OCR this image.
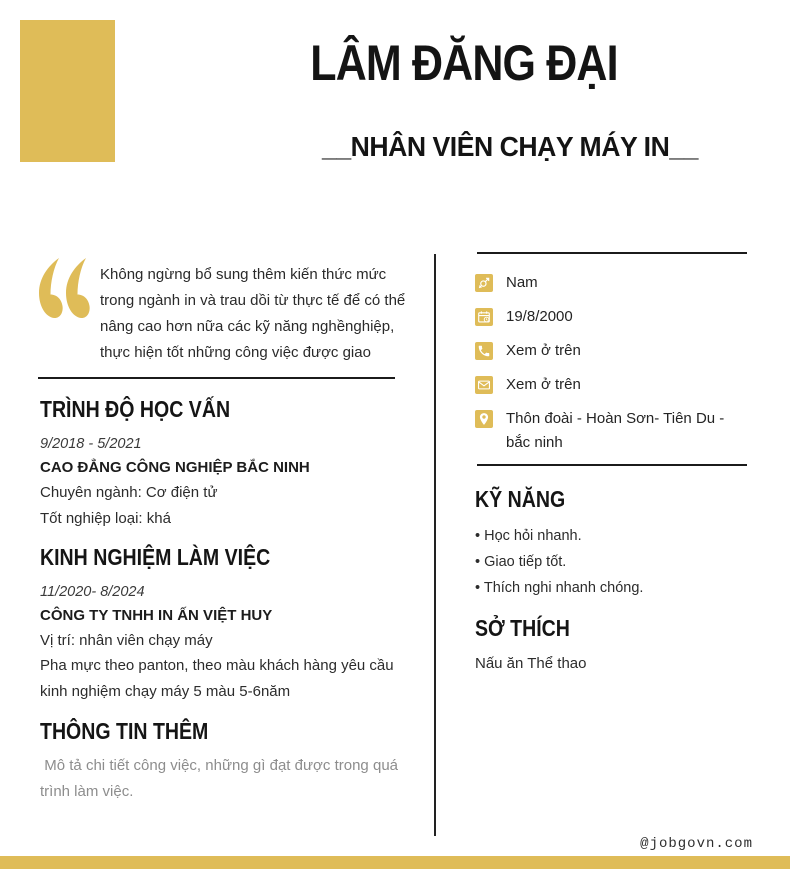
LÂM ĐĂNG ĐẠI
__NHÂN VIÊN CHẠY MÁY IN__
Không ngừng bổ sung thêm kiến thức mức trong ngành in và trau dồi từ thực tế để có thể nâng cao hơn nữa các kỹ năng nghềnghiệp, thực hiện tốt những công việc được giao
TRÌNH ĐỘ HỌC VẤN
9/2018 - 5/2021
CAO ĐẲNG CÔNG NGHIỆP BẮC NINH
Chuyên ngành: Cơ điện tử
Tốt nghiệp loại: khá
KINH NGHIỆM LÀM VIỆC
11/2020- 8/2024
CÔNG TY TNHH IN ẤN VIỆT HUY
Vị trí: nhân viên chạy máy
Pha mực theo panton, theo màu khách hàng yêu cầu kinh nghiệm chạy máy 5 màu 5-6năm
THÔNG TIN THÊM
Mô tả chi tiết công việc, những gì đạt được trong quá trình làm việc.
Nam
19/8/2000
Xem ở trên
Xem ở trên
Thôn đoài - Hoàn Sơn- Tiên Du - bắc ninh
KỸ NĂNG
• Học hỏi nhanh.
• Giao tiếp tốt.
• Thích nghi nhanh chóng.
SỞ THÍCH
Nấu ăn Thể thao
@jobgovn.com
